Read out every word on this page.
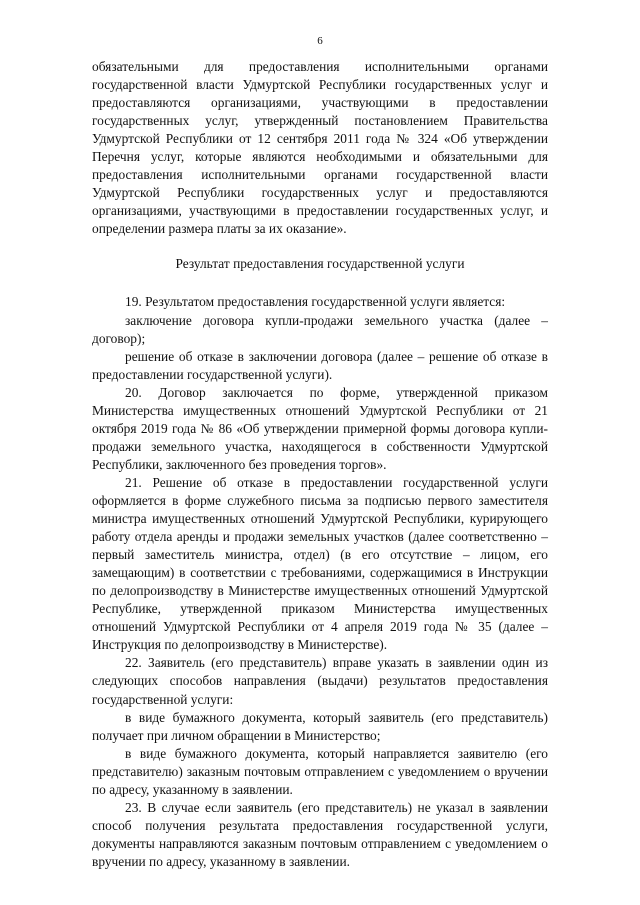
6

обязательными для предоставления исполнительными органами государственной власти Удмуртской Республики государственных услуг и предоставляются организациями, участвующими в предоставлении государственных услуг, утвержденный постановлением Правительства Удмуртской Республики от 12 сентября 2011 года № 324 «Об утверждении Перечня услуг, которые являются необходимыми и обязательными для предоставления исполнительными органами государственной власти Удмуртской Республики государственных услуг и предоставляются организациями, участвующими в предоставлении государственных услуг, и определении размера платы за их оказание».

Результат предоставления государственной услуги

19. Результатом предоставления государственной услуги является:

заключение договора купли-продажи земельного участка (далее – договор);

решение об отказе в заключении договора (далее – решение об отказе в предоставлении государственной услуги).

20. Договор заключается по форме, утвержденной приказом Министерства имущественных отношений Удмуртской Республики от 21 октября 2019 года № 86 «Об утверждении примерной формы договора купли-продажи земельного участка, находящегося в собственности Удмуртской Республики, заключенного без проведения торгов».

21. Решение об отказе в предоставлении государственной услуги оформляется в форме служебного письма за подписью первого заместителя министра имущественных отношений Удмуртской Республики, курирующего работу отдела аренды и продажи земельных участков (далее соответственно – первый заместитель министра, отдел) (в его отсутствие – лицом, его замещающим) в соответствии с требованиями, содержащимися в Инструкции по делопроизводству в Министерстве имущественных отношений Удмуртской Республике, утвержденной приказом Министерства имущественных отношений Удмуртской Республики от 4 апреля 2019 года № 35 (далее – Инструкция по делопроизводству в Министерстве).

22. Заявитель (его представитель) вправе указать в заявлении один из следующих способов направления (выдачи) результатов предоставления государственной услуги:

в виде бумажного документа, который заявитель (его представитель) получает при личном обращении в Министерство;

в виде бумажного документа, который направляется заявителю (его представителю) заказным почтовым отправлением с уведомлением о вручении по адресу, указанному в заявлении.

23. В случае если заявитель (его представитель) не указал в заявлении способ получения результата предоставления государственной услуги, документы направляются заказным почтовым отправлением с уведомлением о вручении по адресу, указанному в заявлении.
